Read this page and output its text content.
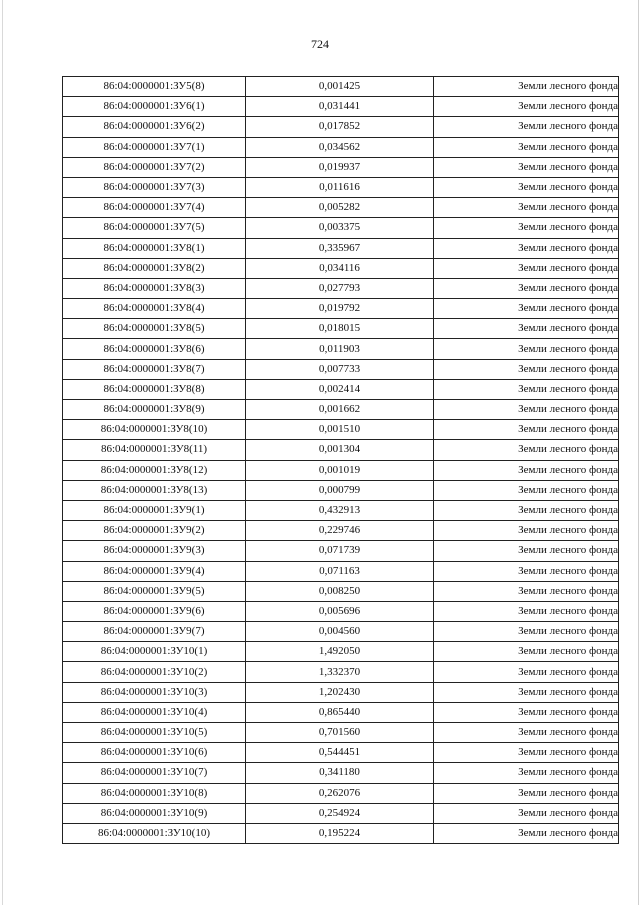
724
86:04:0000001:ЗУ5(8)	0,001425	Земли лесного фонда
86:04:0000001:ЗУ6(1)	0,031441	Земли лесного фонда
86:04:0000001:ЗУ6(2)	0,017852	Земли лесного фонда
86:04:0000001:ЗУ7(1)	0,034562	Земли лесного фонда
86:04:0000001:ЗУ7(2)	0,019937	Земли лесного фонда
86:04:0000001:ЗУ7(3)	0,011616	Земли лесного фонда
86:04:0000001:ЗУ7(4)	0,005282	Земли лесного фонда
86:04:0000001:ЗУ7(5)	0,003375	Земли лесного фонда
86:04:0000001:ЗУ8(1)	0,335967	Земли лесного фонда
86:04:0000001:ЗУ8(2)	0,034116	Земли лесного фонда
86:04:0000001:ЗУ8(3)	0,027793	Земли лесного фонда
86:04:0000001:ЗУ8(4)	0,019792	Земли лесного фонда
86:04:0000001:ЗУ8(5)	0,018015	Земли лесного фонда
86:04:0000001:ЗУ8(6)	0,011903	Земли лесного фонда
86:04:0000001:ЗУ8(7)	0,007733	Земли лесного фонда
86:04:0000001:ЗУ8(8)	0,002414	Земли лесного фонда
86:04:0000001:ЗУ8(9)	0,001662	Земли лесного фонда
86:04:0000001:ЗУ8(10)	0,001510	Земли лесного фонда
86:04:0000001:ЗУ8(11)	0,001304	Земли лесного фонда
86:04:0000001:ЗУ8(12)	0,001019	Земли лесного фонда
86:04:0000001:ЗУ8(13)	0,000799	Земли лесного фонда
86:04:0000001:ЗУ9(1)	0,432913	Земли лесного фонда
86:04:0000001:ЗУ9(2)	0,229746	Земли лесного фонда
86:04:0000001:ЗУ9(3)	0,071739	Земли лесного фонда
86:04:0000001:ЗУ9(4)	0,071163	Земли лесного фонда
86:04:0000001:ЗУ9(5)	0,008250	Земли лесного фонда
86:04:0000001:ЗУ9(6)	0,005696	Земли лесного фонда
86:04:0000001:ЗУ9(7)	0,004560	Земли лесного фонда
86:04:0000001:ЗУ10(1)	1,492050	Земли лесного фонда
86:04:0000001:ЗУ10(2)	1,332370	Земли лесного фонда
86:04:0000001:ЗУ10(3)	1,202430	Земли лесного фонда
86:04:0000001:ЗУ10(4)	0,865440	Земли лесного фонда
86:04:0000001:ЗУ10(5)	0,701560	Земли лесного фонда
86:04:0000001:ЗУ10(6)	0,544451	Земли лесного фонда
86:04:0000001:ЗУ10(7)	0,341180	Земли лесного фонда
86:04:0000001:ЗУ10(8)	0,262076	Земли лесного фонда
86:04:0000001:ЗУ10(9)	0,254924	Земли лесного фонда
86:04:0000001:ЗУ10(10)	0,195224	Земли лесного фонда
